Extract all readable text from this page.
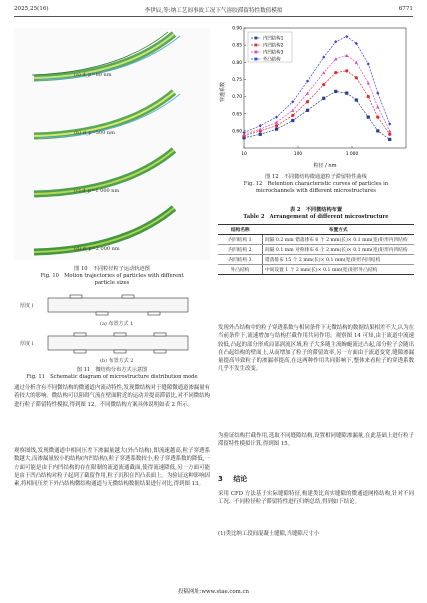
2025,25(16)	李伊辰,等:纳工艺间事故工况下气溶胶滞留特性数值模拟	6771
(a) d_p=80 nm
(b) d_p=500 nm
(c) d_p=1 000 nm
(d) d_p=2 000 nm
图 10　不同粒径粒子运动轨迹图
Fig. 10　Motion trajectories of particles with different particle sizes
厚度 l
厚度 l
(a) 布置方式 1
(b) 布置方式 2
图 11　微结构分布方式示意图
Fig. 11　Schematic diagram of microstructure distribution mode
通过分析含有不同微结构的微通道内流动特性,发现微结构对于缝隙微通道渗漏量有着较大的影响。微结构可以阻碍气流在壁面附近的运动并提高滞留比,对不同微结构进行粒子滞留特性模拟,得到图 12。不同微结构方案具体说明如表 2 所示。
观察图线,发现微通道中相同压差下渗漏量越大(外凸结构),即流速越高,粒子穿透系数越大,而渗漏量较小的结构(内凹结构),粒子穿透系数较小,粒子穿透系数的降低,一方面可能是由于内凹结构的存在限制的流道流通截面,使得流速降低,另一方面可能是由于凹凸结构对粒子起到了截留作用,粒子沉积在凹凸表面上。为验证这种影响因素,将相同压差下外凸结构微结构通道与无微结构数据结果进行对比,得到图 13。
0.60
0.65
0.70
0.75
0.80
0.85
0.90
10	100	1 000
内凹结构1
内凹结构2
内凹结构3
外凸结构
穿透系数
粒径 / nm
图 12　不同微结构微通道粒子滞留特性曲线
Fig. 12　Retention characteristic curves of particles in microchannels with different microstructures
表 2　不同微结构布置
Table 2　Arrangement of different microstructure
结构名称	布置方式
内凹结构 1	间隔 0.2 mm 错落排布 6 个 2 mm(长)× 0.1 mm(宽)矩形内凹结构
内凹结构 2	间隔 0.1 mm 对称排布 6 个 2 mm(长)× 0.1 mm(宽)矩形内凹结构
内凹结构 3	错落排布 15 个 2 mm(长)× 0.1 mm(宽)矩形内凹结构
外凸结构	中间设置 1 个 2 mm(长)× 0.1 mm(宽)矩形外凸结构
发现外凸结构中的粒子穿透系数与相同条件下无微结构的数据结果相差不大,认为在当前条件下,流速增加与结构拦截作用共同作用。观察图 14 可知,由于流道中流速较低,凸起的部分形成局部涡流区域,粒子大多随主流蜿蜒流过凸起,部分粒子会随出在凸起结构的壁面上,从而增加了粒子的滞留效率,另一方面由于流道变宽,缝隙渗漏量提高导致粒子的渗漏率提高,在这两种作用共同影响下,整体来看粒子的穿透系数几乎不发生改变。
为验证结构拦截作用,选取不同缝隙结构,设置相同缝隙渗漏量,在此基础上进行粒子滞留特性模拟计算,得到图 15。
3 结论
采用 CFD 方法基于实际缝隙特征,构建类比真实缝隙的微通道网格结构,针对不同工况、不同粒径粒子滞留特性进行归纳总结,得到如下结论。
(1)类比纳工段间混凝土缝隙,当缝隙尺寸小
投稿网址:www.stae.com.cn
